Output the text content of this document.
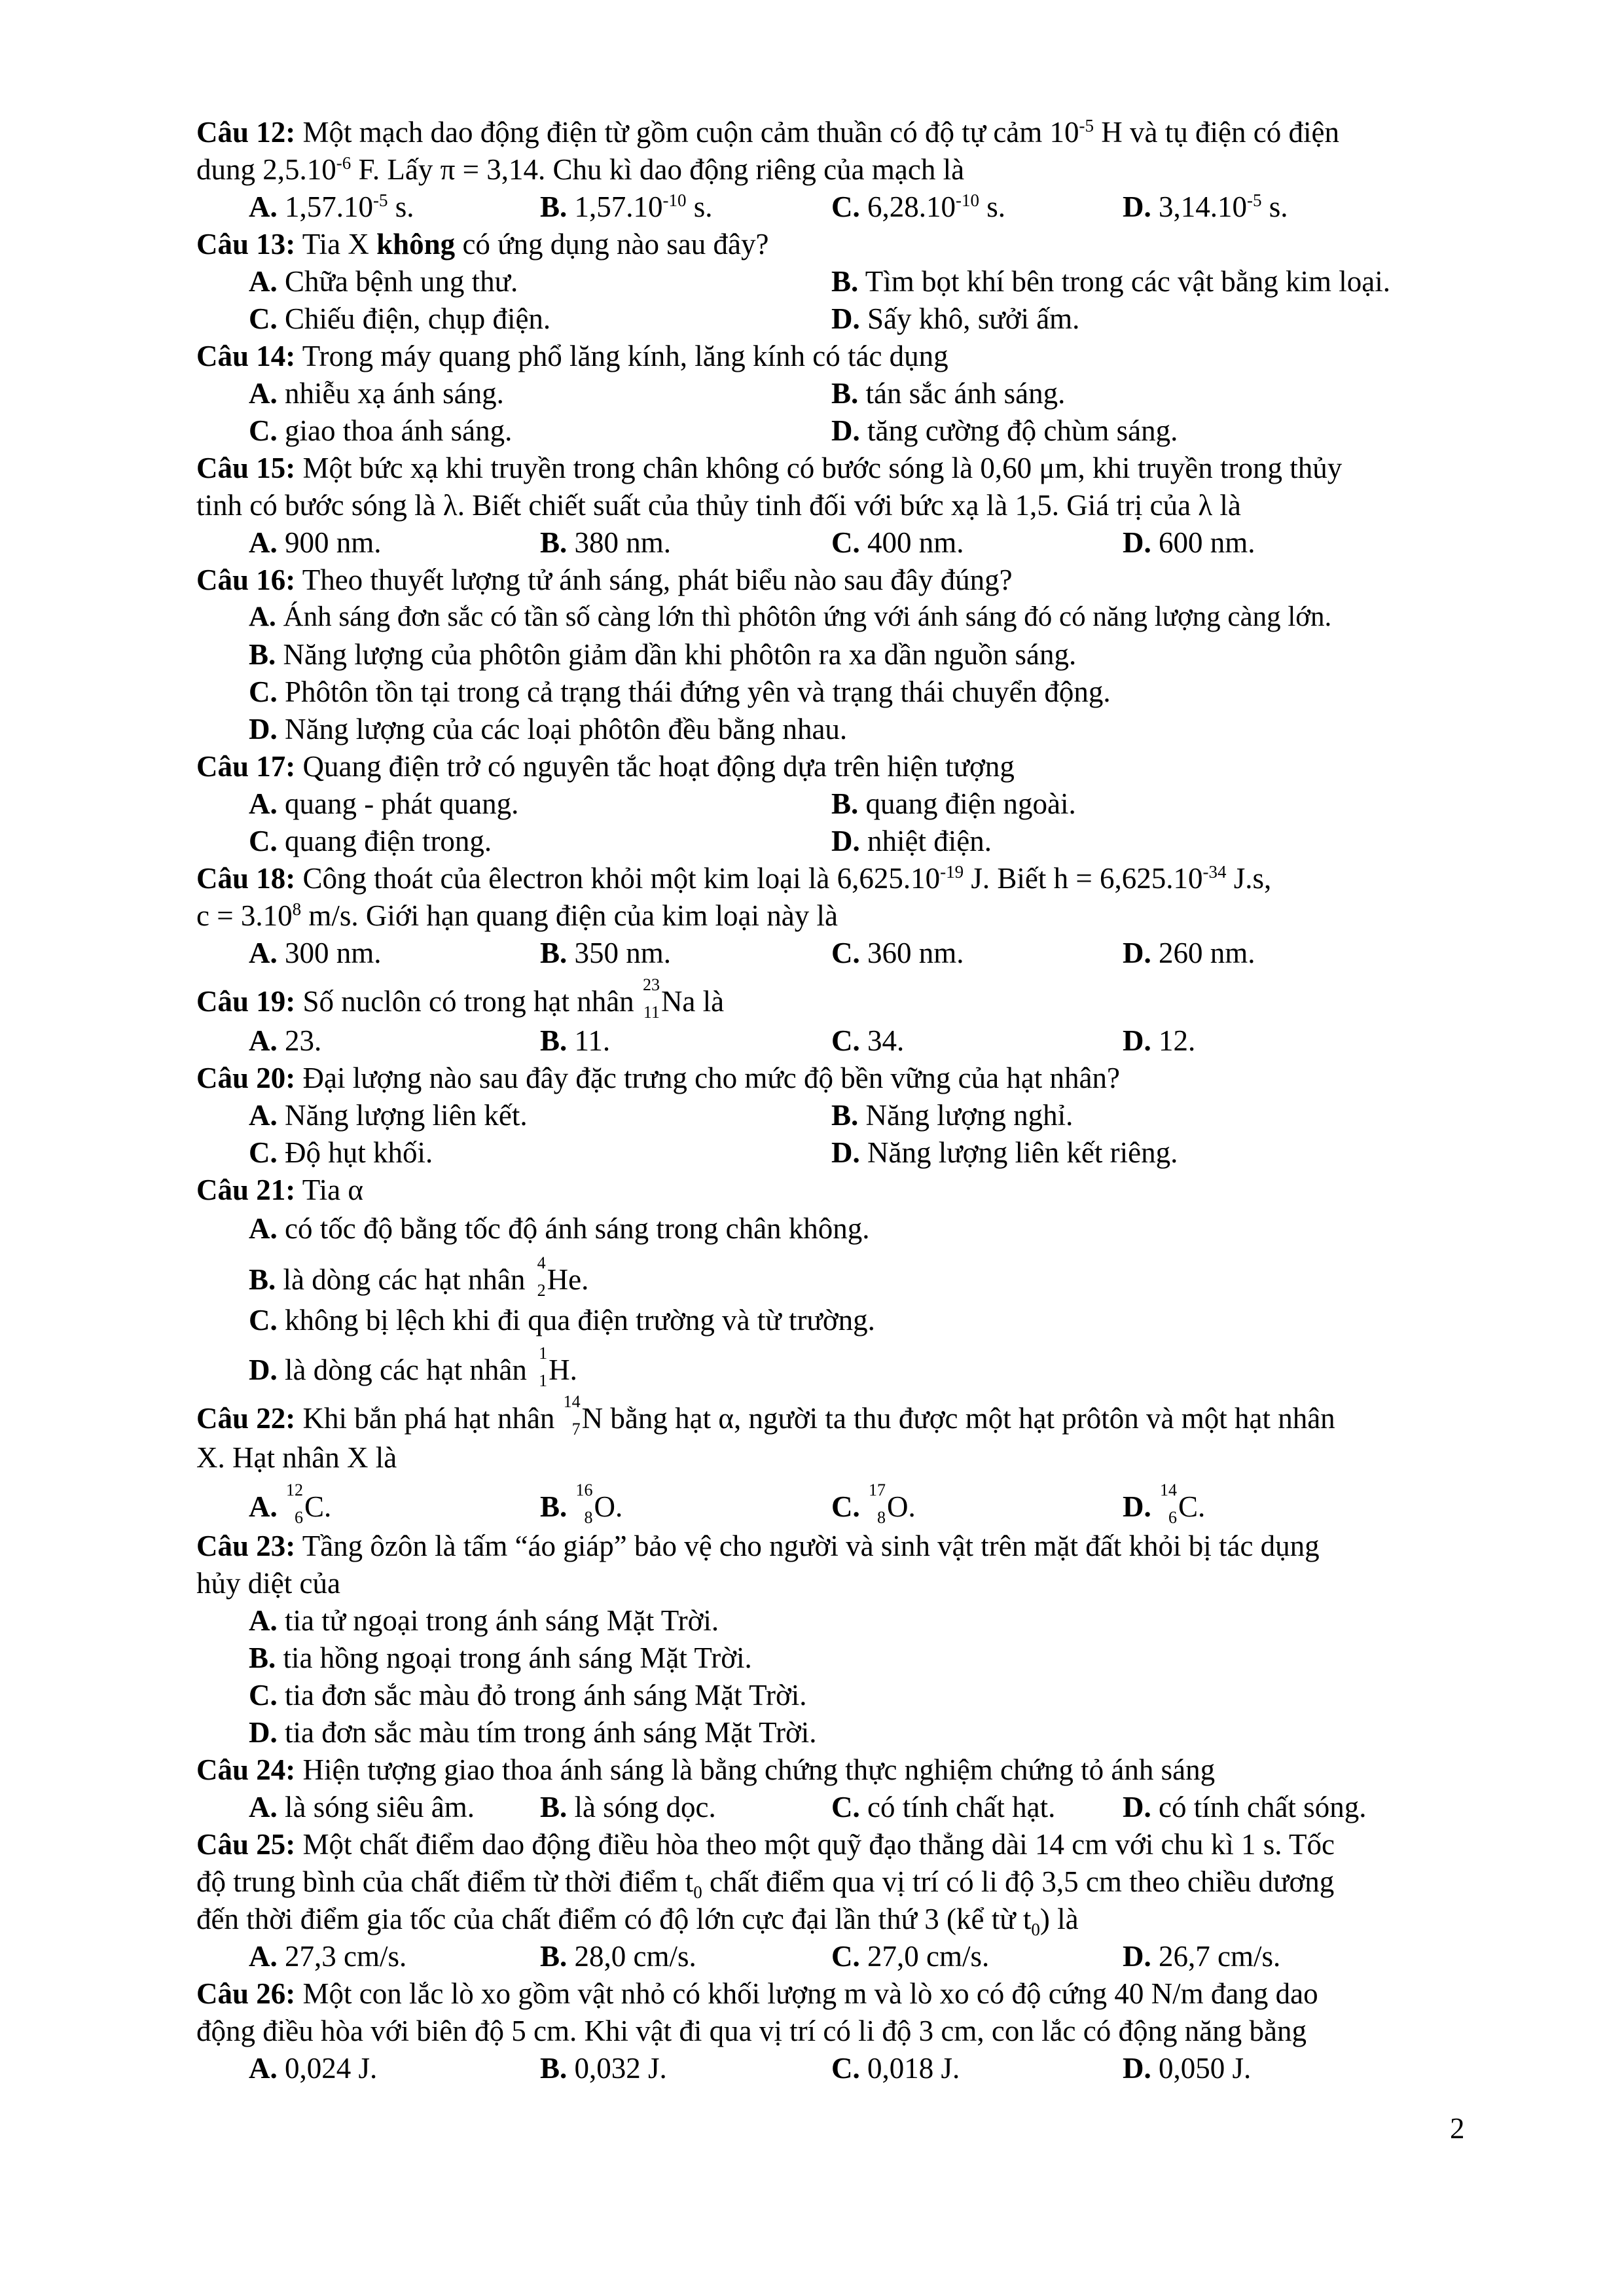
Câu 12: Một mạch dao động điện từ gồm cuộn cảm thuần có độ tự cảm $10^{-5}$ H và tụ điện có điện
dung $2,5.10^{-6}$ F. Lấy π = 3,14. Chu kì dao động riêng của mạch là
A. $1,57.10^{-5}$ s.	B. $1,57.10^{-10}$ s.	C. $6,28.10^{-10}$ s.	D. $3,14.10^{-5}$ s.
Câu 13: Tia X không có ứng dụng nào sau đây?
A. Chữa bệnh ung thư.	B. Tìm bọt khí bên trong các vật bằng kim loại.
C. Chiếu điện, chụp điện.	D. Sấy khô, sưởi ấm.
Câu 14: Trong máy quang phổ lăng kính, lăng kính có tác dụng
A. nhiễu xạ ánh sáng.	B. tán sắc ánh sáng.
C. giao thoa ánh sáng.	D. tăng cường độ chùm sáng.
Câu 15: Một bức xạ khi truyền trong chân không có bước sóng là 0,60 μm, khi truyền trong thủy
tinh có bước sóng là λ. Biết chiết suất của thủy tinh đối với bức xạ là 1,5. Giá trị của λ là
A. 900 nm.	B. 380 nm.	C. 400 nm.	D. 600 nm.
Câu 16: Theo thuyết lượng tử ánh sáng, phát biểu nào sau đây đúng?
A. Ánh sáng đơn sắc có tần số càng lớn thì phôtôn ứng với ánh sáng đó có năng lượng càng lớn.
B. Năng lượng của phôtôn giảm dần khi phôtôn ra xa dần nguồn sáng.
C. Phôtôn tồn tại trong cả trạng thái đứng yên và trạng thái chuyển động.
D. Năng lượng của các loại phôtôn đều bằng nhau.
Câu 17: Quang điện trở có nguyên tắc hoạt động dựa trên hiện tượng
A. quang - phát quang.	B. quang điện ngoài.
C. quang điện trong.	D. nhiệt điện.
Câu 18: Công thoát của êlectron khỏi một kim loại là $6,625.10^{-19}$ J. Biết $h = 6,625.10^{-34}$ J.s,
$c = 3.10^8$ m/s. Giới hạn quang điện của kim loại này là
A. 300 nm.	B. 350 nm.	C. 360 nm.	D. 260 nm.
Câu 19: Số nuclôn có trong hạt nhân
23
11 Na là
A. 23.	B. 11.	C. 34.	D. 12.
Câu 20: Đại lượng nào sau đây đặc trưng cho mức độ bền vững của hạt nhân?
A. Năng lượng liên kết.	B. Năng lượng nghỉ.
C. Độ hụt khối.	D. Năng lượng liên kết riêng.
Câu 21: Tia α
A. có tốc độ bằng tốc độ ánh sáng trong chân không.
B. là dòng các hạt nhân
4
2 He.
C. không bị lệch khi đi qua điện trường và từ trường.
D. là dòng các hạt nhân
1
1 H.
Câu 22: Khi bắn phá hạt nhân
14
7 N bằng hạt α, người ta thu được một hạt prôtôn và một hạt nhân
X. Hạt nhân X là
A.
12
6 C.	B.
16
8 O.	C.
17
8 O.	D.
14
6 C.
Câu 23: Tầng ôzôn là tấm “áo giáp” bảo vệ cho người và sinh vật trên mặt đất khỏi bị tác dụng
hủy diệt của
A. tia tử ngoại trong ánh sáng Mặt Trời.
B. tia hồng ngoại trong ánh sáng Mặt Trời.
C. tia đơn sắc màu đỏ trong ánh sáng Mặt Trời.
D. tia đơn sắc màu tím trong ánh sáng Mặt Trời.
Câu 24: Hiện tượng giao thoa ánh sáng là bằng chứng thực nghiệm chứng tỏ ánh sáng
A. là sóng siêu âm. B. là sóng dọc.	C. có tính chất hạt. D. có tính chất sóng.
Câu 25: Một chất điểm dao động điều hòa theo một quỹ đạo thẳng dài 14 cm với chu kì 1 s. Tốc
độ trung bình của chất điểm từ thời điểm $t_0$ chất điểm qua vị trí có li độ 3,5 cm theo chiều dương
đến thời điểm gia tốc của chất điểm có độ lớn cực đại lần thứ 3 (kể từ $t_0$) là
A. 27,3 cm/s.	B. 28,0 cm/s.	C. 27,0 cm/s.	D. 26,7 cm/s.
Câu 26: Một con lắc lò xo gồm vật nhỏ có khối lượng m và lò xo có độ cứng 40 N/m đang dao
động điều hòa với biên độ 5 cm. Khi vật đi qua vị trí có li độ 3 cm, con lắc có động năng bằng
A. 0,024 J.	B. 0,032 J.	C. 0,018 J.	D. 0,050 J.
2
